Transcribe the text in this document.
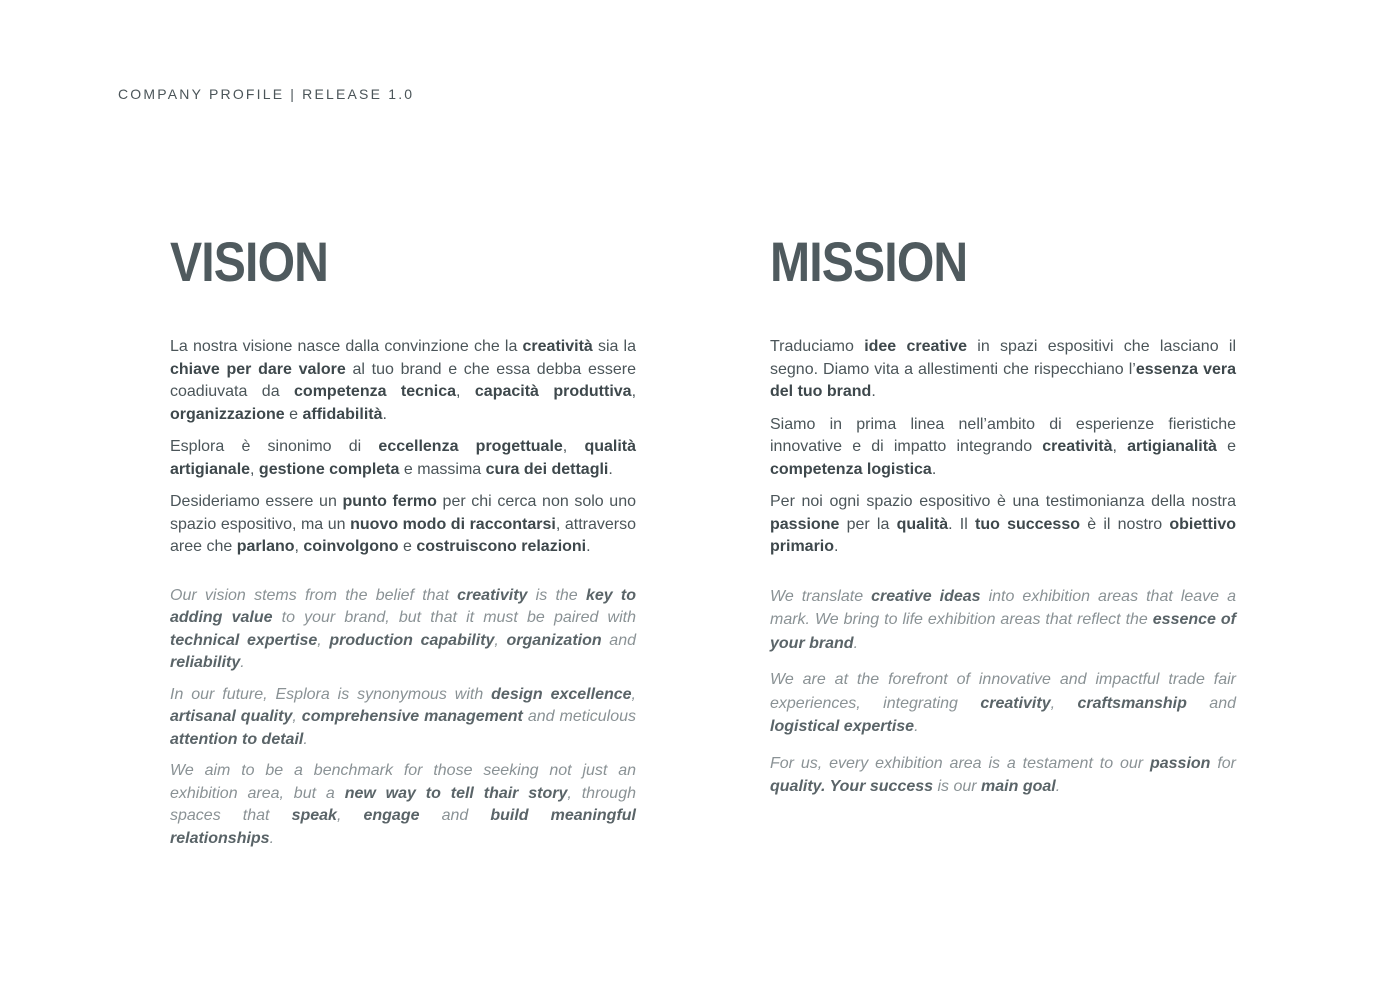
COMPANY PROFILE | RELEASE 1.0
VISION

La nostra visione nasce dalla convinzione che la creatività sia la chiave per dare valore al tuo brand e che essa debba essere coadiuvata da competenza tecnica, capacità produttiva, organizzazione e affidabilità.

Esplora è sinonimo di eccellenza progettuale, qualità artigianale, gestione completa e massima cura dei dettagli.

Desideriamo essere un punto fermo per chi cerca non solo uno spazio espositivo, ma un nuovo modo di raccontarsi, attraverso aree che parlano, coinvolgono e costruiscono relazioni.

Our vision stems from the belief that creativity is the key to adding value to your brand, but that it must be paired with technical expertise, production capability, organization and reliability.

In our future, Esplora is synonymous with design excellence, artisanal quality, comprehensive management and meticulous attention to detail.

We aim to be a benchmark for those seeking not just an exhibition area, but a new way to tell thair story, through spaces that speak, engage and build meaningful relationships.

MISSION

Traduciamo idee creative in spazi espositivi che lasciano il segno. Diamo vita a allestimenti che rispecchiano l’essenza vera del tuo brand.

Siamo in prima linea nell’ambito di esperienze fieristiche innovative e di impatto integrando creatività, artigianalità e competenza logistica.

Per noi ogni spazio espositivo è una testimonianza della nostra passione per la qualità. Il tuo successo è il nostro obiettivo primario.

We translate creative ideas into exhibition areas that leave a mark. We bring to life exhibition areas that reflect the essence of your brand.

We are at the forefront of innovative and impactful trade fair experiences, integrating creativity, craftsmanship and logistical expertise.

For us, every exhibition area is a testament to our passion for quality. Your success is our main goal.
